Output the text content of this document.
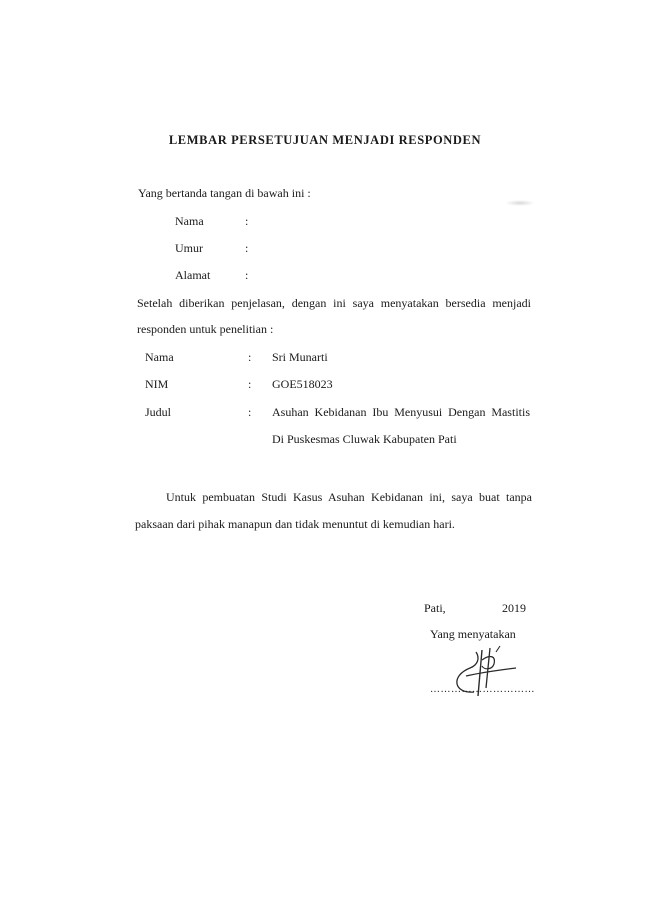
LEMBAR PERSETUJUAN MENJADI RESPONDEN
Yang bertanda tangan di bawah ini :
Nama	:
Umur	:
Alamat	:
Setelah diberikan penjelasan, dengan ini saya menyatakan bersedia menjadi
responden untuk penelitian :
Nama	: Sri Munarti
NIM	: GOE518023
Judul	: Asuhan Kebidanan Ibu Menyusui Dengan Mastitis
Di Puskesmas Cluwak Kabupaten Pati
Untuk pembuatan Studi Kasus Asuhan Kebidanan ini, saya buat tanpa
paksaan dari pihak manapun dan tidak menuntut di kemudian hari.
Pati,	2019
Yang menyatakan
…………………………
